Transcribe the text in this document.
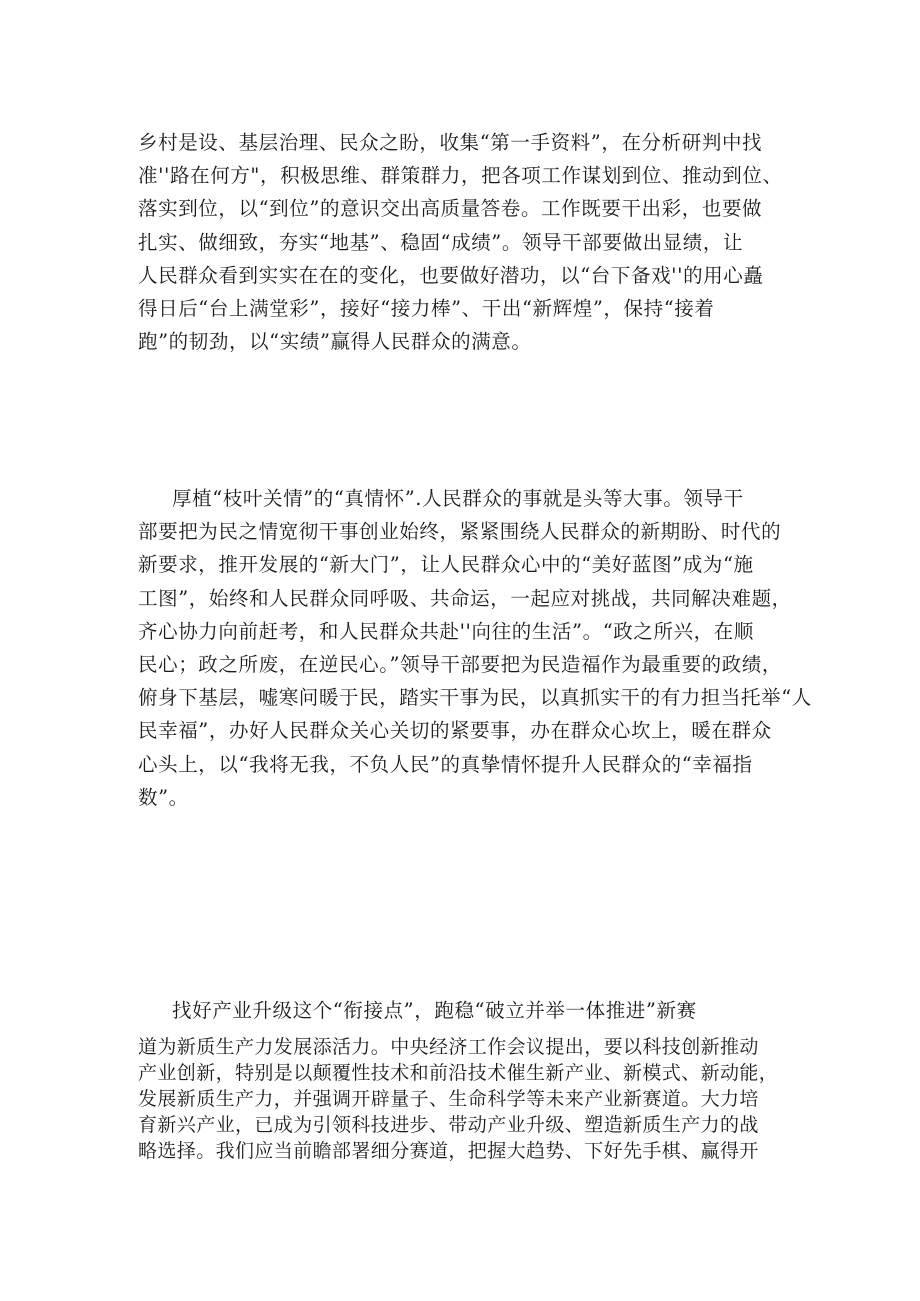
乡村是设、基层治理、民众之盼，收集“第一手资料”，在分析研判中找
准''路在何方"，积极思维、群策群力，把各项工作谋划到位、推动到位、
落实到位，以“到位”的意识交出高质量答卷。工作既要干出彩，也要做
扎实、做细致，夯实“地基”、稳固“成绩”。领导干部要做出显绩，让
人民群众看到实实在在的变化，也要做好潜功，以“台下备戏''的用心矗
得日后“台上满堂彩”，接好“接力棒”、干出“新辉煌”，保持“接着
跑”的韧劲，以“实绩”赢得人民群众的满意。
厚植“枝叶关情”的“真情怀”.人民群众的事就是头等大事。领导干
部要把为民之情宽彻干事创业始终，紧紧围绕人民群众的新期盼、时代的
新要求，推开发展的“新大门”，让人民群众心中的“美好蓝图”成为“施
工图”，始终和人民群众同呼吸、共命运，一起应对挑战，共同解决难题，
齐心协力向前赶考，和人民群众共赴''向往的生活”。“政之所兴，在顺
民心；政之所废，在逆民心。”领导干部要把为民造福作为最重要的政绩，
俯身下基层，嘘寒问暖于民，踏实干事为民，以真抓实干的有力担当托举“人
民幸福”，办好人民群众关心关切的紧要事，办在群众心坎上，暖在群众
心头上，以“我将无我，不负人民”的真挚情怀提升人民群众的“幸福指
数”。
找好产业升级这个“衔接点”，跑稳“破立并举一体推进”新赛
道为新质生产力发展添活力。中央经济工作会议提出，要以科技创新推动
产业创新，特别是以颠覆性技术和前沿技术催生新产业、新模式、新动能，
发展新质生产力，并强调开辟量子、生命科学等未来产业新赛道。大力培
育新兴产业，已成为引领科技进步、带动产业升级、塑造新质生产力的战
略选择。我们应当前瞻部署细分赛道，把握大趋势、下好先手棋、赢得开
